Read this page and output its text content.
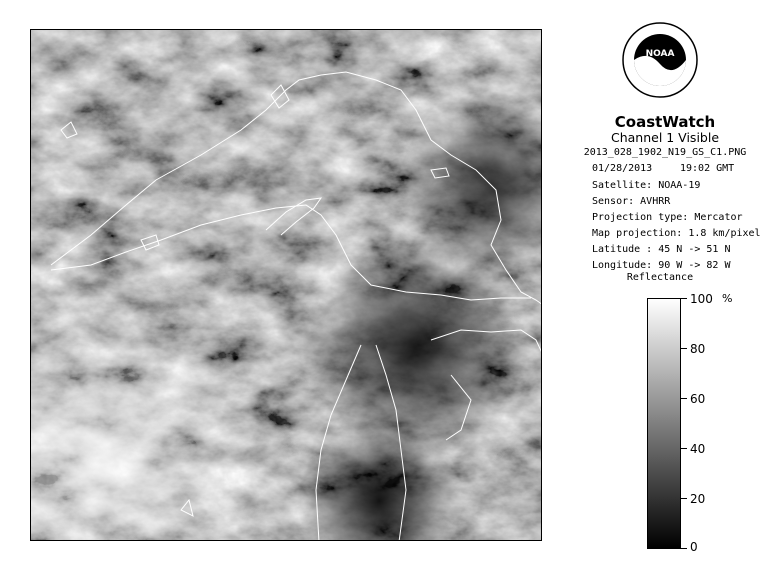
NOAA
CoastWatch
Channel 1 Visible
2013_028_1902_N19_GS_C1.PNG
01/28/2013	19:02 GMT
Satellite: NOAA-19
Sensor: AVHRR
Projection type: Mercator
Map projection: 1.8 km/pixel
Latitude : 45 N -> 51 N
Longitude: 90 W -> 82 W
Reflectance
%
100
80
60
40
20
0
